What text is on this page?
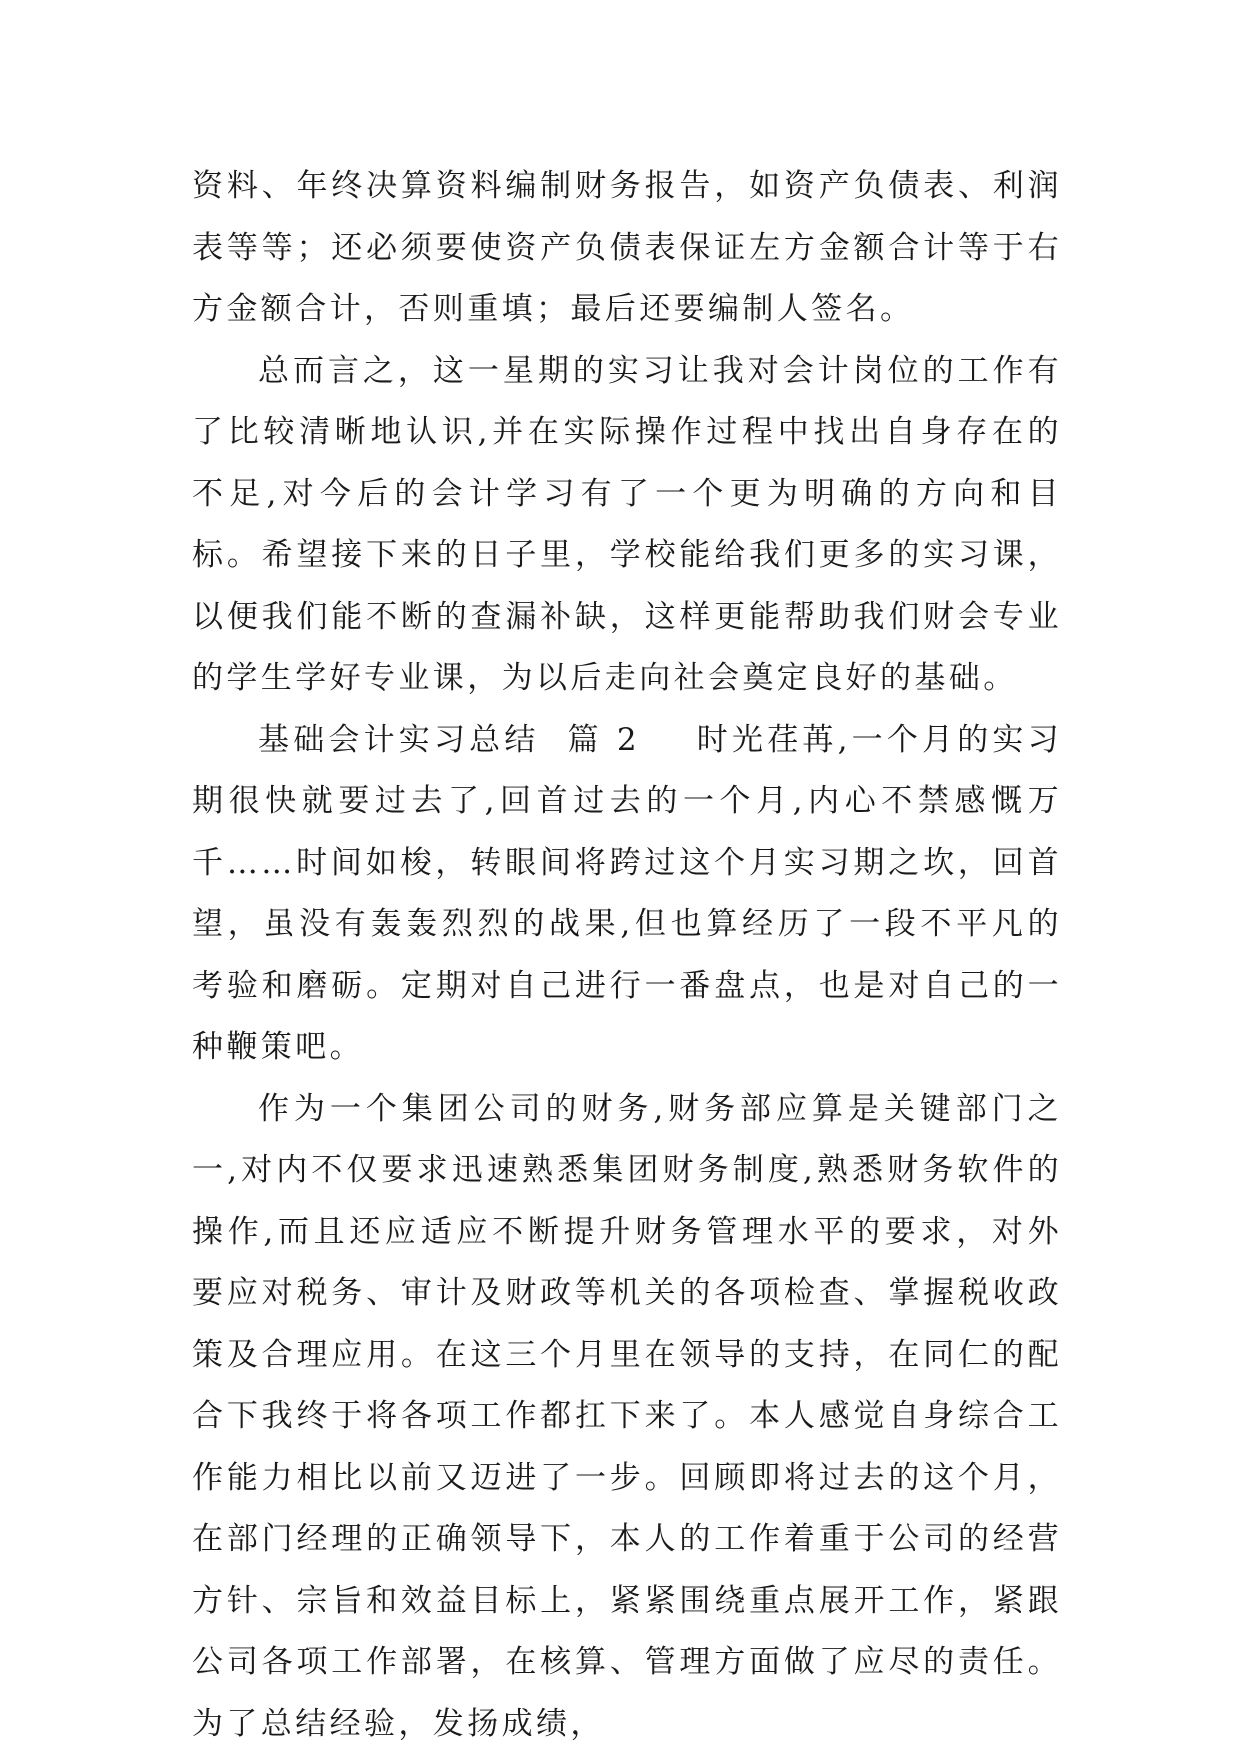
资料、年终决算资料编制财务报告，如资产负债表、利润表等等；还必须要使资产负债表保证左方金额合计等于右方金额合计，否则重填；最后还要编制人签名。

总而言之，这一星期的实习让我对会计岗位的工作有了比较清晰地认识,并在实际操作过程中找出自身存在的不足,对今后的会计学习有了一个更为明确的方向和目标。希望接下来的日子里，学校能给我们更多的实习课，以便我们能不断的查漏补缺，这样更能帮助我们财会专业的学生学好专业课，为以后走向社会奠定良好的基础。

基础会计实习总结  篇 2 时光荏苒,一个月的实习期很快就要过去了,回首过去的一个月,内心不禁感慨万千……时间如梭，转眼间将跨过这个月实习期之坎，回首望，虽没有轰轰烈烈的战果,但也算经历了一段不平凡的考验和磨砺。定期对自己进行一番盘点，也是对自己的一种鞭策吧。

作为一个集团公司的财务,财务部应算是关键部门之一,对内不仅要求迅速熟悉集团财务制度,熟悉财务软件的操作,而且还应适应不断提升财务管理水平的要求，对外要应对税务、审计及财政等机关的各项检查、掌握税收政策及合理应用。在这三个月里在领导的支持，在同仁的配合下我终于将各项工作都扛下来了。本人感觉自身综合工作能力相比以前又迈进了一步。回顾即将过去的这个月，在部门经理的正确领导下，本人的工作着重于公司的经营方针、宗旨和效益目标上，紧紧围绕重点展开工作，紧跟公司各项工作部署，在核算、管理方面做了应尽的责任。为了总结经验，发扬成绩，
